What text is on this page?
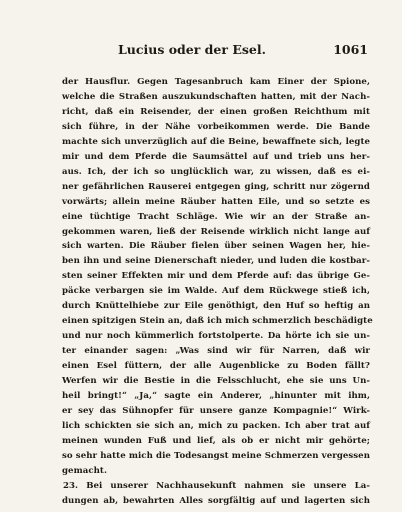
Lucius oder der Esel.	1061
der Hausflur. Gegen Tagesanbruch kam Einer der Spione,
welche die Straßen auszukundschaften hatten, mit der Nach-
richt, daß ein Reisender, der einen großen Reichthum mit
sich führe, in der Nähe vorbeikommen werde. Die Bande
machte sich unverzüglich auf die Beine, bewaffnete sich, legte
mir und dem Pferde die Saumsättel auf und trieb uns her-
aus. Ich, der ich so unglücklich war, zu wissen, daß es ei-
ner gefährlichen Rauserei entgegen ging, schritt nur zögernd
vorwärts; allein meine Räuber hatten Eile, und so setzte es
eine tüchtige Tracht Schläge. Wie wir an der Straße an-
gekommen waren, ließ der Reisende wirklich nicht lange auf
sich warten. Die Räuber fielen über seinen Wagen her, hie-
ben ihn und seine Dienerschaft nieder, und luden die kostbar-
sten seiner Effekten mir und dem Pferde auf: das übrige Ge-
päcke verbargen sie im Walde. Auf dem Rückwege stieß ich,
durch Knüttelhiebe zur Eile genöthigt, den Huf so heftig an
einen spitzigen Stein an, daß ich mich schmerzlich beschädigte
und nur noch kümmerlich fortstolperte. Da hörte ich sie un-
ter einander sagen: „Was sind wir für Narren, daß wir
einen Esel füttern, der alle Augenblicke zu Boden fällt?
Werfen wir die Bestie in die Felsschlucht, ehe sie uns Un-
heil bringt!“ „Ja,“ sagte ein Anderer, „hinunter mit ihm,
er sey das Sühnopfer für unsere ganze Kompagnie!“ Wirk-
lich schickten sie sich an, mich zu packen. Ich aber trat auf
meinen wunden Fuß und lief, als ob er nicht mir gehörte;
so sehr hatte mich die Todesangst meine Schmerzen vergessen
gemacht.
23. Bei unserer Nachhausekunft nahmen sie unsere La-
dungen ab, bewahrten Alles sorgfältig auf und lagerten sich
